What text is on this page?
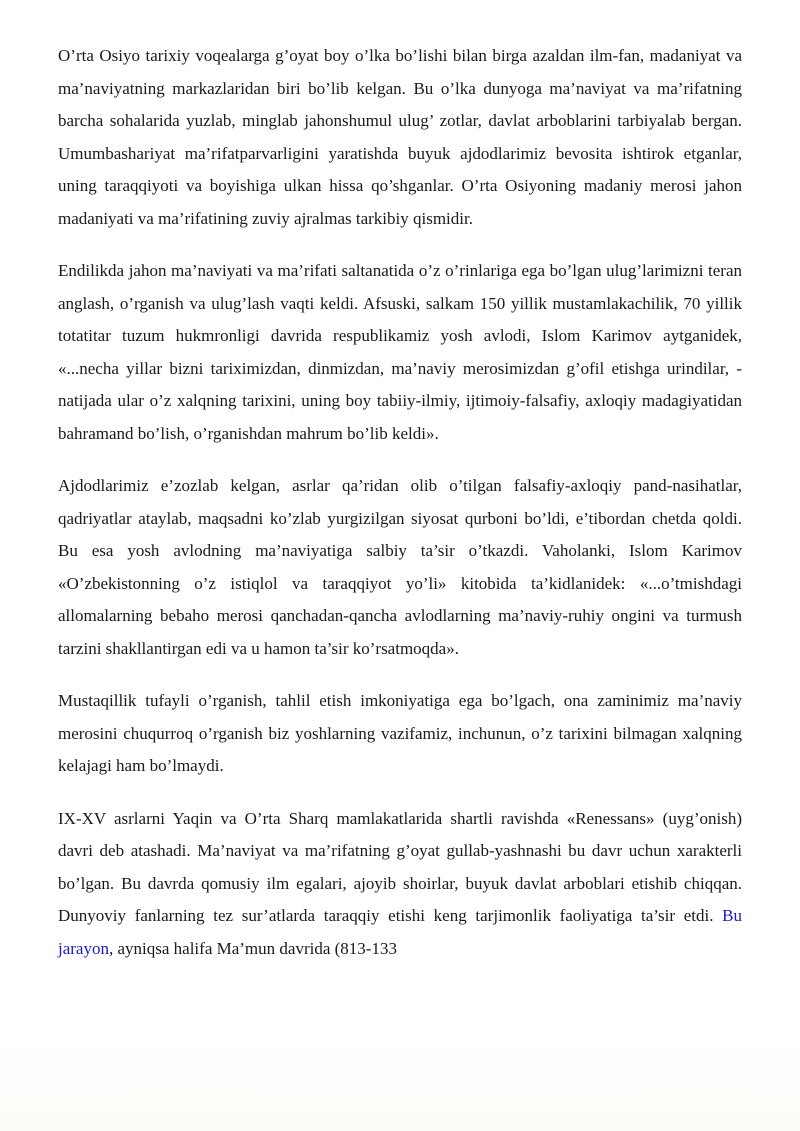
O’rta Osiyo tarixiy voqealarga g’oyat boy o’lka bo’lishi bilan birga azaldan ilm-fan, madaniyat va ma’naviyatning markazlaridan biri bo’lib kelgan. Bu o’lka dunyoga ma’naviyat va ma’rifatning barcha sohalarida yuzlab, minglab jahonshumul ulug’ zotlar, davlat arboblarini tarbiyalab bergan. Umumbashariyat ma’rifatparvarligini yaratishda buyuk ajdodlarimiz bevosita ishtirok etganlar, uning taraqqiyoti va boyishiga ulkan hissa qo’shganlar. O’rta Osiyoning madaniy merosi jahon madaniyati va ma’rifatining zuviy ajralmas tarkibiy qismidir.

Endilikda jahon ma’naviyati va ma’rifati saltanatida o’z o’rinlariga ega bo’lgan ulug’larimizni teran anglash, o’rganish va ulug’lash vaqti keldi. Afsuski, salkam 150 yillik mustamlakachilik, 70 yillik totatitar tuzum hukmronligi davrida respublikamiz yosh avlodi, Islom Karimov aytganidek, «...necha yillar bizni tariximizdan, dinmizdan, ma’naviy merosimizdan g’ofil etishga urindilar, - natijada ular o’z xalqning tarixini, uning boy tabiiy-ilmiy, ijtimoiy-falsafiy, axloqiy madagiyatidan bahramand bo’lish, o’rganishdan mahrum bo’lib keldi».

Ajdodlarimiz e’zozlab kelgan, asrlar qa’ridan olib o’tilgan falsafiy-axloqiy pand-nasihatlar, qadriyatlar ataylab, maqsadni ko’zlab yurgizilgan siyosat qurboni bo’ldi, e’tibordan chetda qoldi. Bu esa yosh avlodning ma’naviyatiga salbiy ta’sir o’tkazdi. Vaholanki, Islom Karimov «O’zbekistonning o’z istiqlol va taraqqiyot yo’li» kitobida ta’kidlanidek: «...o’tmishdagi allomalarning bebaho merosi qanchadan-qancha avlodlarning ma’naviy-ruhiy ongini va turmush tarzini shakllantirgan edi va u hamon ta’sir ko’rsatmoqda».

Mustaqillik tufayli o’rganish, tahlil etish imkoniyatiga ega bo’lgach, ona zaminimiz ma’naviy merosini chuqurroq o’rganish biz yoshlarning vazifamiz, inchunun, o’z tarixini bilmagan xalqning kelajagi ham bo’lmaydi.

IX-XV asrlarni Yaqin va O’rta Sharq mamlakatlarida shartli ravishda «Renessans» (uyg’onish) davri deb atashadi. Ma’naviyat va ma’rifatning g’oyat gullab-yashnashi bu davr uchun xarakterli bo’lgan. Bu davrda qomusiy ilm egalari, ajoyib shoirlar, buyuk davlat arboblari etishib chiqqan. Dunyoviy fanlarning tez sur’atlarda taraqqiy etishi keng tarjimonlik faoliyatiga ta’sir etdi. Bu jarayon, ayniqsa halifa Ma’mun davrida (813-133
